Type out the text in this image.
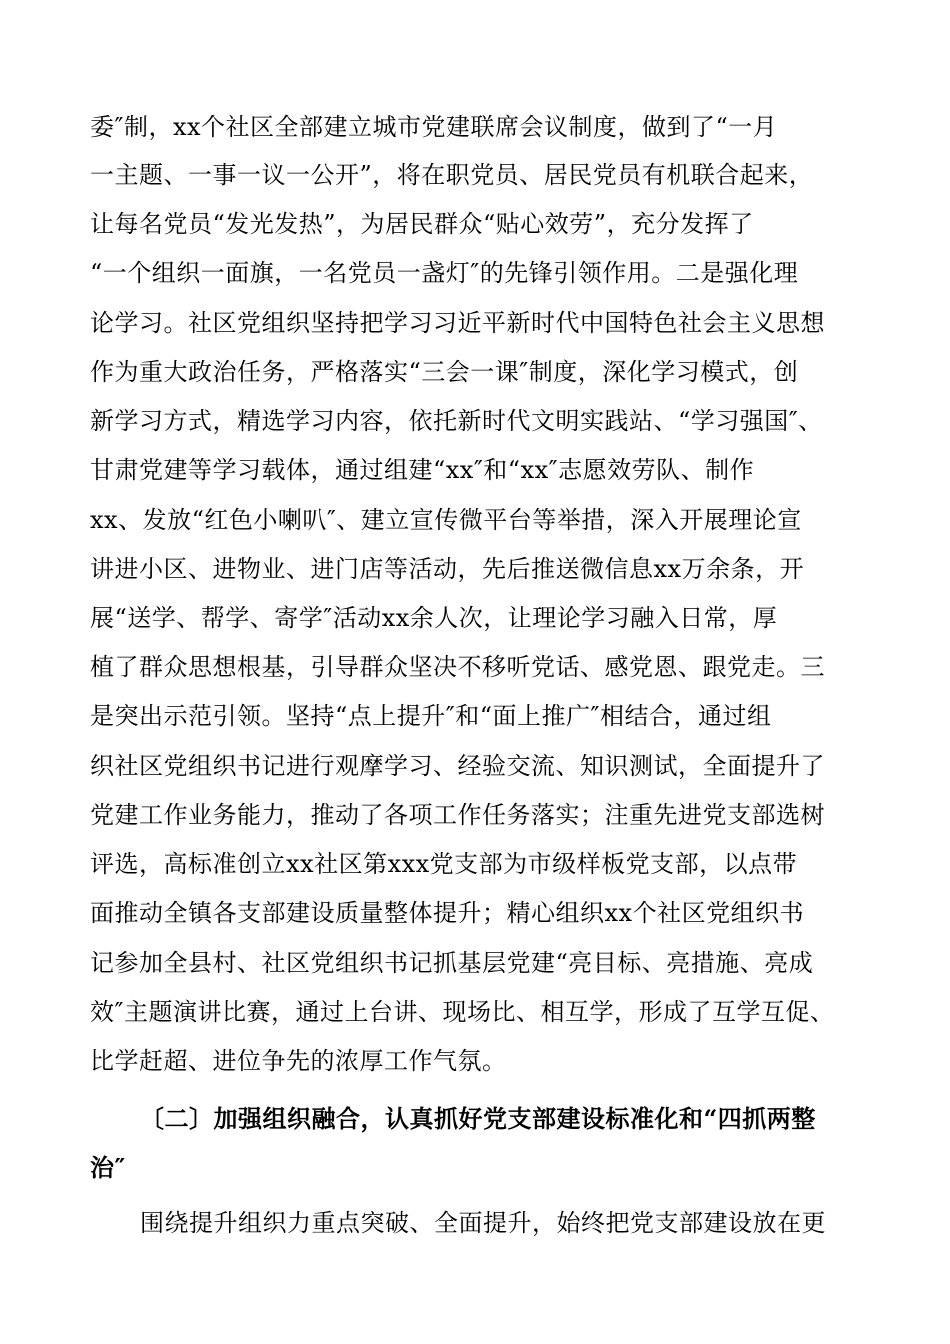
委″制，xx个社区全部建立城市党建联席会议制度，做到了“一月
一主题、一事一议一公开”，将在职党员、居民党员有机联合起来，
让每名党员“发光发热”，为居民群众“贴心效劳”，充分发挥了
“一个组织一面旗，一名党员一盏灯″的先锋引领作用。二是强化理
论学习。社区党组织坚持把学习习近平新时代中国特色社会主义思想
作为重大政治任务，严格落实“三会一课″制度，深化学习模式，创
新学习方式，精选学习内容，依托新时代文明实践站、“学习强国″、
甘肃党建等学习载体，通过组建“xx″和“xx″志愿效劳队、制作
xx、发放“红色小喇叭″、建立宣传微平台等举措，深入开展理论宣
讲进小区、进物业、进门店等活动，先后推送微信息xx万余条，开
展“送学、帮学、寄学″活动xx余人次，让理论学习融入日常，厚
植了群众思想根基，引导群众坚决不移听党话、感党恩、跟党走。三
是突出示范引领。坚持“点上提升″和“面上推广″相结合，通过组
织社区党组织书记进行观摩学习、经验交流、知识测试，全面提升了
党建工作业务能力，推动了各项工作任务落实；注重先进党支部选树
评选，高标准创立xx社区第xxx党支部为市级样板党支部，以点带
面推动全镇各支部建设质量整体提升；精心组织xx个社区党组织书
记参加全县村、社区党组织书记抓基层党建“亮目标、亮措施、亮成
效″主题演讲比赛，通过上台讲、现场比、相互学，形成了互学互促、
比学赶超、进位争先的浓厚工作气氛。
〔二〕加强组织融合，认真抓好党支部建设标准化和“四抓两整
治″
围绕提升组织力重点突破、全面提升，始终把党支部建设放在更
